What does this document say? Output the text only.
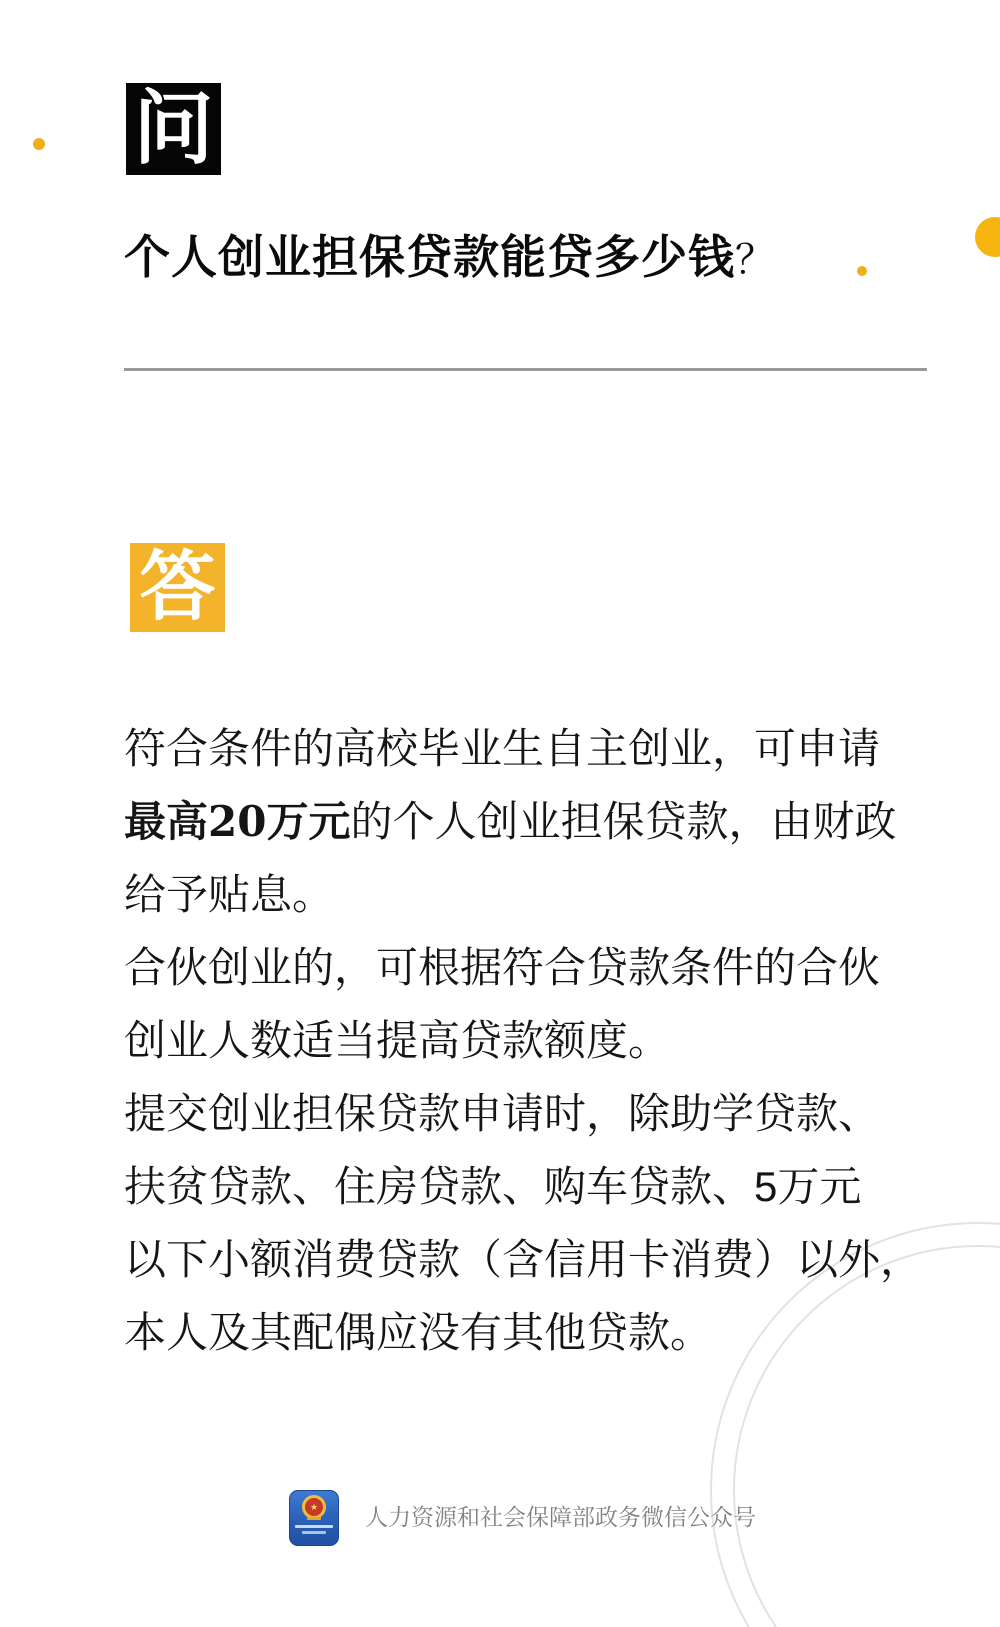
问
个人创业担保贷款能贷多少钱？
答
符合条件的高校毕业生自主创业，可申请
最高20万元的个人创业担保贷款，由财政
给予贴息。
合伙创业的，可根据符合贷款条件的合伙
创业人数适当提高贷款额度。
提交创业担保贷款申请时，除助学贷款、
扶贫贷款、住房贷款、购车贷款、5万元
以下小额消费贷款（含信用卡消费）以外，
本人及其配偶应没有其他贷款。
★ 人力资源和社会保障部政务微信公众号
